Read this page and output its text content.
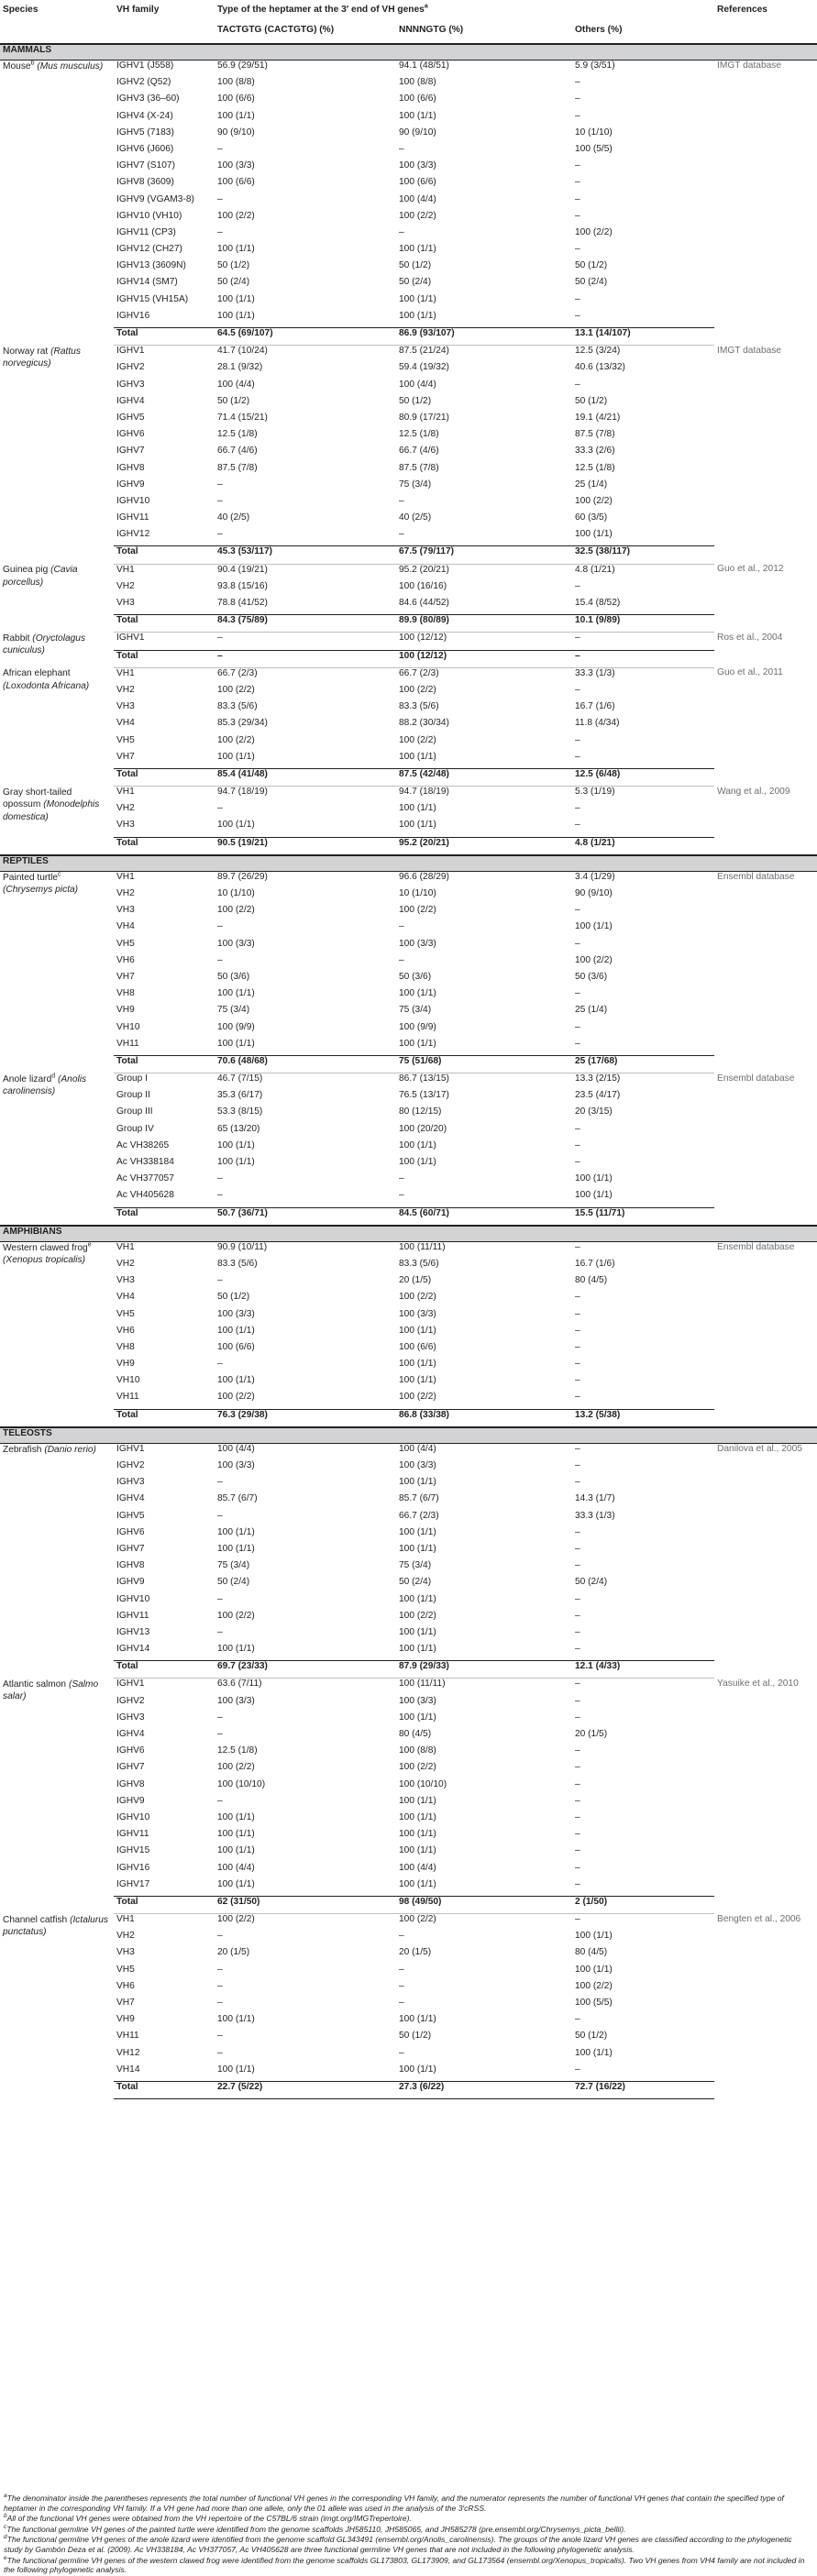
Species	VH family	Type of the heptamer at the 3′ end of VH genes$^a$			References
		TACTGTG (CACTGTG) (%)	NNNNGTG (%)	Others (%)	
MAMMALS					
Mouse$^b$ (Mus musculus)	IGHV1 (J558)	56.9 (29/51)	94.1 (48/51)	5.9 (3/51)	IMGT database
	IGHV2 (Q52)	100 (8/8)	100 (8/8)	–	
	IGHV3 (36–60)	100 (6/6)	100 (6/6)	–	
	IGHV4 (X-24)	100 (1/1)	100 (1/1)	–	
	IGHV5 (7183)	90 (9/10)	90 (9/10)	10 (1/10)	
	IGHV6 (J606)	–	–	100 (5/5)	
	IGHV7 (S107)	100 (3/3)	100 (3/3)	–	
	IGHV8 (3609)	100 (6/6)	100 (6/6)	–	
	IGHV9 (VGAM3-8)	–	100 (4/4)	–	
	IGHV10 (VH10)	100 (2/2)	100 (2/2)	–	
	IGHV11 (CP3)	–	–	100 (2/2)	
	IGHV12 (CH27)	100 (1/1)	100 (1/1)	–	
	IGHV13 (3609N)	50 (1/2)	50 (1/2)	50 (1/2)	
	IGHV14 (SM7)	50 (2/4)	50 (2/4)	50 (2/4)	
	IGHV15 (VH15A)	100 (1/1)	100 (1/1)	–	
	IGHV16	100 (1/1)	100 (1/1)	–	
	Total	64.5 (69/107)	86.9 (93/107)	13.1 (14/107)	
Norway rat (Rattus norvegicus)	IGHV1	41.7 (10/24)	87.5 (21/24)	12.5 (3/24)	IMGT database
	IGHV2	28.1 (9/32)	59.4 (19/32)	40.6 (13/32)	
	IGHV3	100 (4/4)	100 (4/4)	–	
	IGHV4	50 (1/2)	50 (1/2)	50 (1/2)	
	IGHV5	71.4 (15/21)	80.9 (17/21)	19.1 (4/21)	
	IGHV6	12.5 (1/8)	12.5 (1/8)	87.5 (7/8)	
	IGHV7	66.7 (4/6)	66.7 (4/6)	33.3 (2/6)	
	IGHV8	87.5 (7/8)	87.5 (7/8)	12.5 (1/8)	
	IGHV9	–	75 (3/4)	25 (1/4)	
	IGHV10	–	–	100 (2/2)	
	IGHV11	40 (2/5)	40 (2/5)	60 (3/5)	
	IGHV12	–	–	100 (1/1)	
	Total	45.3 (53/117)	67.5 (79/117)	32.5 (38/117)	
Guinea pig (Cavia porcellus)	VH1	90.4 (19/21)	95.2 (20/21)	4.8 (1/21)	Guo et al., 2012
	VH2	93.8 (15/16)	100 (16/16)	–	
	VH3	78.8 (41/52)	84.6 (44/52)	15.4 (8/52)	
	Total	84.3 (75/89)	89.9 (80/89)	10.1 (9/89)	
Rabbit (Oryctolagus cuniculus)	IGHV1	–	100 (12/12)	–	Ros et al., 2004
	Total	–	100 (12/12)	–	
African elephant (Loxodonta Africana)	VH1	66.7 (2/3)	66.7 (2/3)	33.3 (1/3)	Guo et al., 2011
	VH2	100 (2/2)	100 (2/2)	–	
	VH3	83.3 (5/6)	83.3 (5/6)	16.7 (1/6)	
	VH4	85.3 (29/34)	88.2 (30/34)	11.8 (4/34)	
	VH5	100 (2/2)	100 (2/2)	–	
	VH7	100 (1/1)	100 (1/1)	–	
	Total	85.4 (41/48)	87.5 (42/48)	12.5 (6/48)	
Gray short-tailed opossum (Monodelphis domestica)	VH1	94.7 (18/19)	94.7 (18/19)	5.3 (1/19)	Wang et al., 2009
	VH2	–	100 (1/1)	–	
	VH3	100 (1/1)	100 (1/1)	–	
	Total	90.5 (19/21)	95.2 (20/21)	4.8 (1/21)	
REPTILES					
Painted turtle$^c$ (Chrysemys picta)	VH1	89.7 (26/29)	96.6 (28/29)	3.4 (1/29)	Ensembl database
	VH2	10 (1/10)	10 (1/10)	90 (9/10)	
	VH3	100 (2/2)	100 (2/2)	–	
	VH4	–	–	100 (1/1)	
	VH5	100 (3/3)	100 (3/3)	–	
	VH6	–	–	100 (2/2)	
	VH7	50 (3/6)	50 (3/6)	50 (3/6)	
	VH8	100 (1/1)	100 (1/1)	–	
	VH9	75 (3/4)	75 (3/4)	25 (1/4)	
	VH10	100 (9/9)	100 (9/9)	–	
	VH11	100 (1/1)	100 (1/1)	–	
	Total	70.6 (48/68)	75 (51/68)	25 (17/68)	
Anole lizard$^d$ (Anolis carolinensis)	Group I	46.7 (7/15)	86.7 (13/15)	13.3 (2/15)	Ensembl database
	Group II	35.3 (6/17)	76.5 (13/17)	23.5 (4/17)	
	Group III	53.3 (8/15)	80 (12/15)	20 (3/15)	
	Group IV	65 (13/20)	100 (20/20)	–	
	Ac VH38265	100 (1/1)	100 (1/1)	–	
	Ac VH338184	100 (1/1)	100 (1/1)	–	
	Ac VH377057	–	–	100 (1/1)	
	Ac VH405628	–	–	100 (1/1)	
	Total	50.7 (36/71)	84.5 (60/71)	15.5 (11/71)	
AMPHIBIANS					
Western clawed frog$^e$ (Xenopus tropicalis)	VH1	90.9 (10/11)	100 (11/11)	–	Ensembl database
	VH2	83.3 (5/6)	83.3 (5/6)	16.7 (1/6)	
	VH3	–	20 (1/5)	80 (4/5)	
	VH4	50 (1/2)	100 (2/2)	–	
	VH5	100 (3/3)	100 (3/3)	–	
	VH6	100 (1/1)	100 (1/1)	–	
	VH8	100 (6/6)	100 (6/6)	–	
	VH9	–	100 (1/1)	–	
	VH10	100 (1/1)	100 (1/1)	–	
	VH11	100 (2/2)	100 (2/2)	–	
	Total	76.3 (29/38)	86.8 (33/38)	13.2 (5/38)	
TELEOSTS					
Zebrafish (Danio rerio)	IGHV1	100 (4/4)	100 (4/4)	–	Danilova et al., 2005
	IGHV2	100 (3/3)	100 (3/3)	–	
	IGHV3	–	100 (1/1)	–	
	IGHV4	85.7 (6/7)	85.7 (6/7)	14.3 (1/7)	
	IGHV5	–	66.7 (2/3)	33.3 (1/3)	
	IGHV6	100 (1/1)	100 (1/1)	–	
	IGHV7	100 (1/1)	100 (1/1)	–	
	IGHV8	75 (3/4)	75 (3/4)	–	
	IGHV9	50 (2/4)	50 (2/4)	50 (2/4)	
	IGHV10	–	100 (1/1)	–	
	IGHV11	100 (2/2)	100 (2/2)	–	
	IGHV13	–	100 (1/1)	–	
	IGHV14	100 (1/1)	100 (1/1)	–	
	Total	69.7 (23/33)	87.9 (29/33)	12.1 (4/33)	
Atlantic salmon (Salmo salar)	IGHV1	63.6 (7/11)	100 (11/11)	–	Yasuike et al., 2010
	IGHV2	100 (3/3)	100 (3/3)	–	
	IGHV3	–	100 (1/1)	–	
	IGHV4	–	80 (4/5)	20 (1/5)	
	IGHV6	12.5 (1/8)	100 (8/8)	–	
	IGHV7	100 (2/2)	100 (2/2)	–	
	IGHV8	100 (10/10)	100 (10/10)	–	
	IGHV9	–	100 (1/1)	–	
	IGHV10	100 (1/1)	100 (1/1)	–	
	IGHV11	100 (1/1)	100 (1/1)	–	
	IGHV15	100 (1/1)	100 (1/1)	–	
	IGHV16	100 (4/4)	100 (4/4)	–	
	IGHV17	100 (1/1)	100 (1/1)	–	
	Total	62 (31/50)	98 (49/50)	2 (1/50)	
Channel catfish (Ictalurus punctatus)	VH1	100 (2/2)	100 (2/2)	–	Bengten et al., 2006
	VH2	–	–	100 (1/1)	
	VH3	20 (1/5)	20 (1/5)	80 (4/5)	
	VH5	–	–	100 (1/1)	
	VH6	–	–	100 (2/2)	
	VH7	–	–	100 (5/5)	
	VH9	100 (1/1)	100 (1/1)	–	
	VH11	–	50 (1/2)	50 (1/2)	
	VH12	–	–	100 (1/1)	
	VH14	100 (1/1)	100 (1/1)	–	
	Total	22.7 (5/22)	27.3 (6/22)	72.7 (16/22)	
$^a$The denominator inside the parentheses represents the total number of functional VH genes in the corresponding VH family, and the numerator represents the number of functional VH genes that contain the specified type of heptamer in the corresponding VH family. If a VH gene had more than one allele, only the 01 allele was used in the analysis of the 3′cRSS.
$^b$All of the functional VH genes were obtained from the VH repertoire of the C57BL/6 strain (imgt.org/IMGTrepertoire).
$^c$The functional germline VH genes of the painted turtle were identified from the genome scaffolds JH585110, JH585065, and JH585278 (pre.ensembl.org/Chrysemys_picta_bellii).
$^d$The functional germline VH genes of the anole lizard were identified from the genome scaffold GL343491 (ensembl.org/Anolis_carolinensis). The groups of the anole lizard VH genes are classified according to the phylogenetic study by Gambón Deza et al. (2009). Ac VH338184, Ac VH377057, Ac VH405628 are three functional germline VH genes that are not included in the following phylogenetic analysis.
$^e$The functional germline VH genes of the western clawed frog were identified from the genome scaffolds GL173803, GL173909, and GL173564 (ensembl.org/Xenopus_tropicalis). Two VH genes from VH4 family are not included in the following phylogenetic analysis.
